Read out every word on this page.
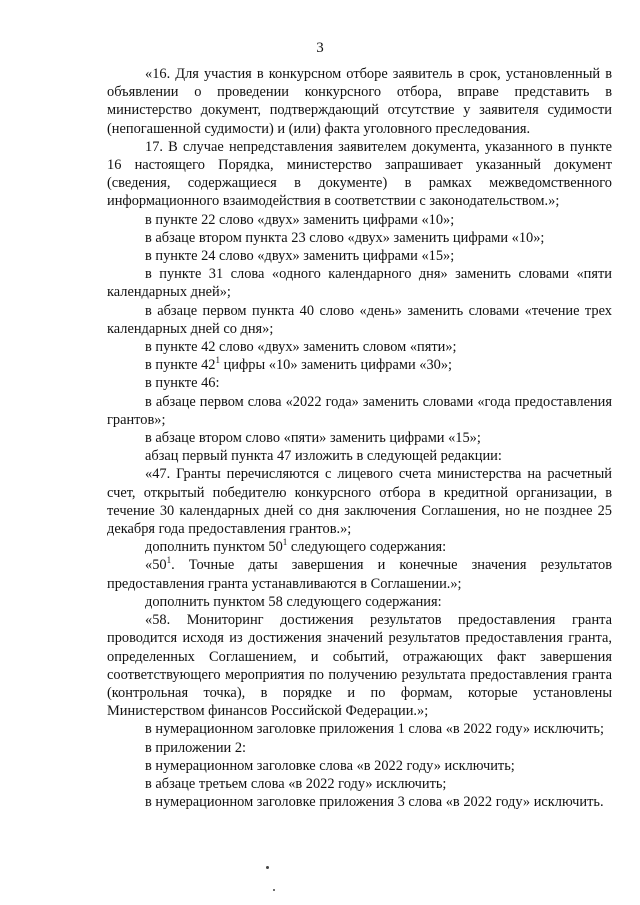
3

«16. Для участия в конкурсном отборе заявитель в срок, установленный в объявлении о проведении конкурсного отбора, вправе представить в министерство документ, подтверждающий отсутствие у заявителя судимости (непогашенной судимости) и (или) факта уголовного преследования.

17. В случае непредставления заявителем документа, указанного в пункте 16 настоящего Порядка, министерство запрашивает указанный документ (сведения, содержащиеся в документе) в рамках межведомственного информационного взаимодействия в соответствии с законодательством.»;

в пункте 22 слово «двух» заменить цифрами «10»;

в абзаце втором пункта 23 слово «двух» заменить цифрами «10»;

в пункте 24 слово «двух» заменить цифрами «15»;

в пункте 31 слова «одного календарного дня» заменить словами «пяти календарных дней»;

в абзаце первом пункта 40 слово «день» заменить словами «течение трех календарных дней со дня»;

в пункте 42 слово «двух» заменить словом «пяти»;

в пункте $42^1$ цифры «10» заменить цифрами «30»;

в пункте 46:

в абзаце первом слова «2022 года» заменить словами «года предоставления грантов»;

в абзаце втором слово «пяти» заменить цифрами «15»;

абзац первый пункта 47 изложить в следующей редакции:

«47. Гранты перечисляются с лицевого счета министерства на расчетный счет, открытый победителю конкурсного отбора в кредитной организации, в течение 30 календарных дней со дня заключения Соглашения, но не позднее 25 декабря года предоставления грантов.»;

дополнить пунктом $50^1$ следующего содержания:

«$50^1$. Точные даты завершения и конечные значения результатов предоставления гранта устанавливаются в Соглашении.»;

дополнить пунктом 58 следующего содержания:

«58. Мониторинг достижения результатов предоставления гранта проводится исходя из достижения значений результатов предоставления гранта, определенных Соглашением, и событий, отражающих факт завершения соответствующего мероприятия по получению результата предоставления гранта (контрольная точка), в порядке и по формам, которые установлены Министерством финансов Российской Федерации.»;

в нумерационном заголовке приложения 1 слова «в 2022 году» исключить;

в приложении 2:

в нумерационном заголовке слова «в 2022 году» исключить;

в абзаце третьем слова «в 2022 году» исключить;

в нумерационном заголовке приложения 3 слова «в 2022 году» исключить.
